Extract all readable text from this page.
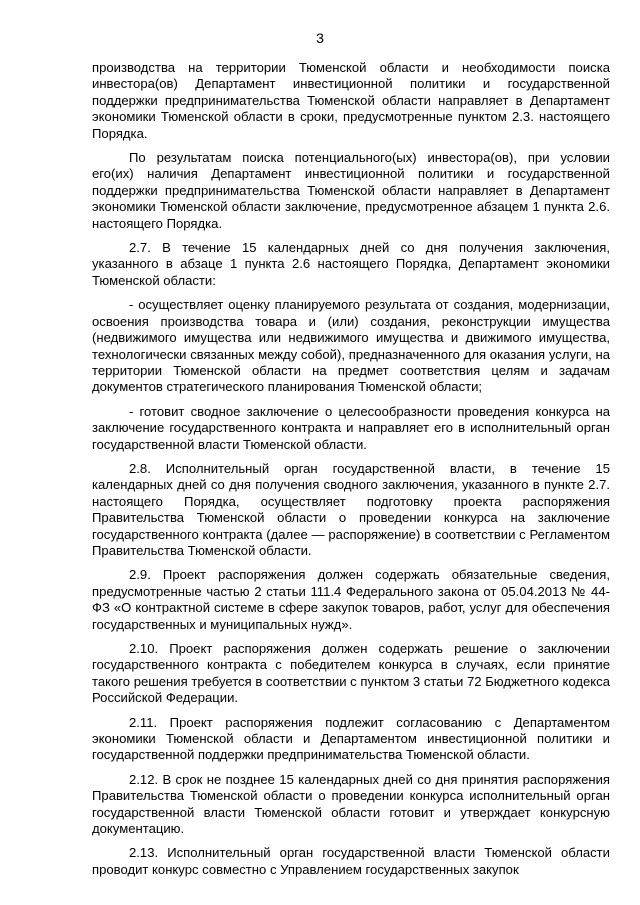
3

производства на территории Тюменской области и необходимости поиска инвестора(ов) Департамент инвестиционной политики и государственной поддержки предпринимательства Тюменской области направляет в Департамент экономики Тюменской области в сроки, предусмотренные пунктом 2.3. настоящего Порядка.

По результатам поиска потенциального(ых) инвестора(ов), при условии его(их) наличия Департамент инвестиционной политики и государственной поддержки предпринимательства Тюменской области направляет в Департамент экономики Тюменской области заключение, предусмотренное абзацем 1 пункта 2.6. настоящего Порядка.

2.7. В течение 15 календарных дней со дня получения заключения, указанного в абзаце 1 пункта 2.6 настоящего Порядка, Департамент экономики Тюменской области:

- осуществляет оценку планируемого результата от создания, модернизации, освоения производства товара и (или) создания, реконструкции имущества (недвижимого имущества или недвижимого имущества и движимого имущества, технологически связанных между собой), предназначенного для оказания услуги, на территории Тюменской области на предмет соответствия целям и задачам документов стратегического планирования Тюменской области;

- готовит сводное заключение о целесообразности проведения конкурса на заключение государственного контракта и направляет его в исполнительный орган государственной власти Тюменской области.

2.8. Исполнительный орган государственной власти, в течение 15 календарных дней со дня получения сводного заключения, указанного в пункте 2.7. настоящего Порядка, осуществляет подготовку проекта распоряжения Правительства Тюменской области о проведении конкурса на заключение государственного контракта (далее — распоряжение) в соответствии с Регламентом Правительства Тюменской области.

2.9. Проект распоряжения должен содержать обязательные сведения, предусмотренные частью 2 статьи 111.4 Федерального закона от 05.04.2013 № 44-ФЗ «О контрактной системе в сфере закупок товаров, работ, услуг для обеспечения государственных и муниципальных нужд».

2.10. Проект распоряжения должен содержать решение о заключении государственного контракта с победителем конкурса в случаях, если принятие такого решения требуется в соответствии с пунктом 3 статьи 72 Бюджетного кодекса Российской Федерации.

2.11. Проект распоряжения подлежит согласованию с Департаментом экономики Тюменской области и Департаментом инвестиционной политики и государственной поддержки предпринимательства Тюменской области.

2.12. В срок не позднее 15 календарных дней со дня принятия распоряжения Правительства Тюменской области о проведении конкурса исполнительный орган государственной власти Тюменской области готовит и утверждает конкурсную документацию.

2.13. Исполнительный орган государственной власти Тюменской области проводит конкурс совместно с Управлением государственных закупок
